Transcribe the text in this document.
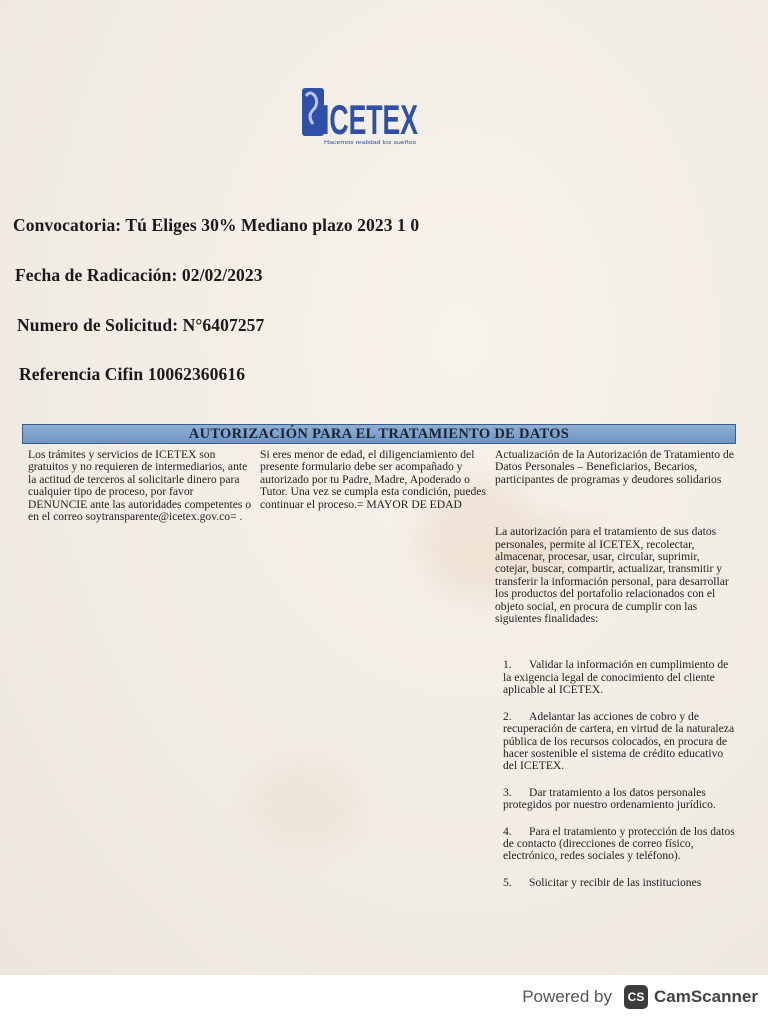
ICETEX
Hacemos realidad los sueños
Convocatoria: Tú Eliges 30% Mediano plazo 2023 1 0
Fecha de Radicación: 02/02/2023
Numero de Solicitud: N°6407257
Referencia Cifin 10062360616
AUTORIZACIÓN PARA EL TRATAMIENTO DE DATOS

Los trámites y servicios de ICETEX son gratuitos y no requieren de intermediarios, ante la actitud de terceros al solicitarle dinero para cualquier tipo de proceso, por favor DENUNCIE ante las autoridades competentes o en el correo soytransparente@icetex.gov.co= .

Si eres menor de edad, el diligenciamiento del presente formulario debe ser acompañado y autorizado por tu Padre, Madre, Apoderado o Tutor. Una vez se cumpla esta condición, puedes continuar el proceso.= MAYOR DE EDAD

Actualización de la Autorización de Tratamiento de Datos Personales – Beneficiarios, Becarios, participantes de programas y deudores solidarios

La autorización para el tratamiento de sus datos personales, permite al ICETEX, recolectar, almacenar, procesar, usar, circular, suprimir, cotejar, buscar, compartir, actualizar, transmitir y transferir la información personal, para desarrollar los productos del portafolio relacionados con el objeto social, en procura de cumplir con las siguientes finalidades:

1. Validar la información en cumplimiento de la exigencia legal de conocimiento del cliente aplicable al ICETEX.
2. Adelantar las acciones de cobro y de recuperación de cartera, en virtud de la naturaleza pública de los recursos colocados, en procura de hacer sostenible el sistema de crédito educativo del ICETEX.
3. Dar tratamiento a los datos personales protegidos por nuestro ordenamiento jurídico.
4. Para el tratamiento y protección de los datos de contacto (direcciones de correo físico, electrónico, redes sociales y teléfono).
5. Solicitar y recibir de las instituciones
Powered by	CS CamScanner
